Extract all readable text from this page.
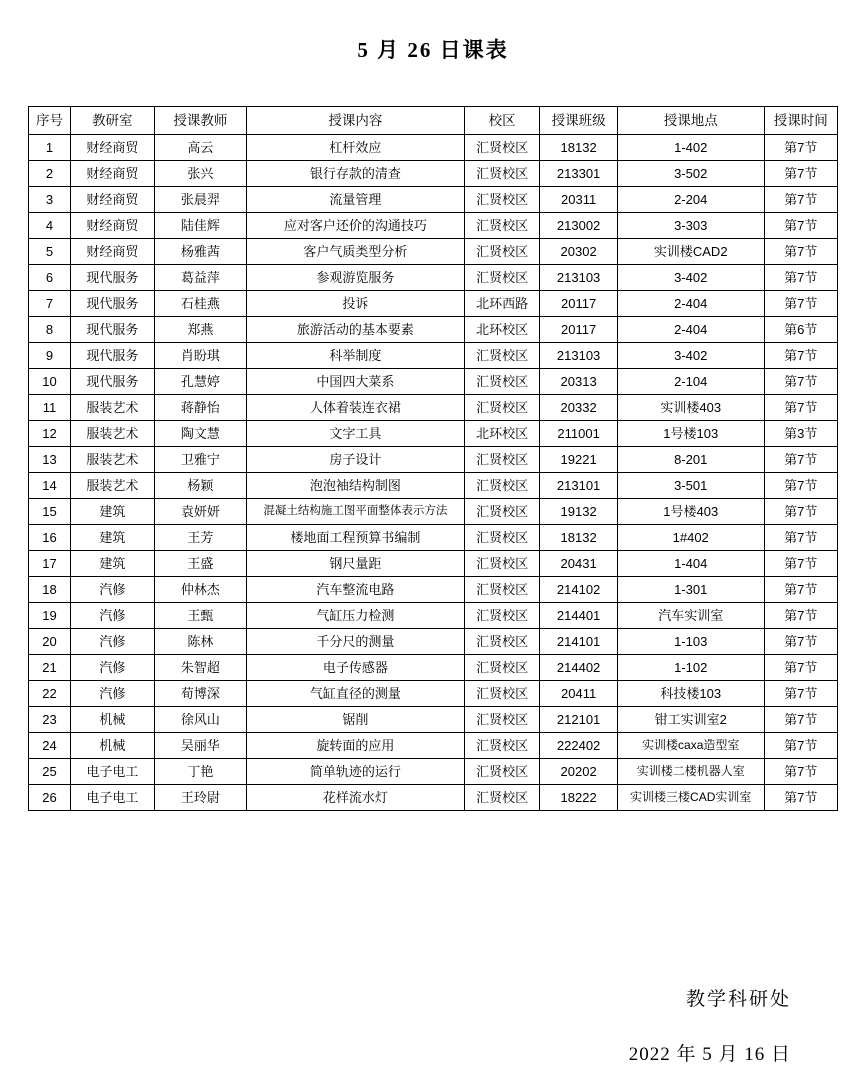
5 月 26 日课表
序号	教研室	授课教师	授课内容	校区	授课班级	授课地点	授课时间
1	财经商贸	高云	杠杆效应	汇贤校区	18132	1-402	第7节
2	财经商贸	张兴	银行存款的清查	汇贤校区	213301	3-502	第7节
3	财经商贸	张晨羿	流量管理	汇贤校区	20311	2-204	第7节
4	财经商贸	陆佳辉	应对客户还价的沟通技巧	汇贤校区	213002	3-303	第7节
5	财经商贸	杨雅茜	客户气质类型分析	汇贤校区	20302	实训楼CAD2	第7节
6	现代服务	葛益萍	参观游览服务	汇贤校区	213103	3-402	第7节
7	现代服务	石桂燕	投诉	北环西路	20117	2-404	第7节
8	现代服务	郑燕	旅游活动的基本要素	北环校区	20117	2-404	第6节
9	现代服务	肖盼琪	科举制度	汇贤校区	213103	3-402	第7节
10	现代服务	孔慧婷	中国四大菜系	汇贤校区	20313	2-104	第7节
11	服装艺术	蒋静怡	人体着装连衣裙	汇贤校区	20332	实训楼403	第7节
12	服装艺术	陶文慧	文字工具	北环校区	211001	1号楼103	第3节
13	服装艺术	卫雅宁	房子设计	汇贤校区	19221	8-201	第7节
14	服装艺术	杨颖	泡泡袖结构制图	汇贤校区	213101	3-501	第7节
15	建筑	袁妍妍	混凝土结构施工图平面整体表示方法	汇贤校区	19132	1号楼403	第7节
16	建筑	王芳	楼地面工程预算书编制	汇贤校区	18132	1#402	第7节
17	建筑	王盛	钢尺量距	汇贤校区	20431	1-404	第7节
18	汽修	仲林杰	汽车整流电路	汇贤校区	214102	1-301	第7节
19	汽修	王甄	气缸压力检测	汇贤校区	214401	汽车实训室	第7节
20	汽修	陈林	千分尺的测量	汇贤校区	214101	1-103	第7节
21	汽修	朱智超	电子传感器	汇贤校区	214402	1-102	第7节
22	汽修	荀博深	气缸直径的测量	汇贤校区	20411	科技楼103	第7节
23	机械	徐风山	锯削	汇贤校区	212101	钳工实训室2	第7节
24	机械	吴丽华	旋转面的应用	汇贤校区	222402	实训楼caxa造型室	第7节
25	电子电工	丁艳	简单轨迹的运行	汇贤校区	20202	实训楼二楼机器人室	第7节
26	电子电工	王玲尉	花样流水灯	汇贤校区	18222	实训楼三楼CAD实训室	第7节
教学科研处
2022 年 5 月 16 日
